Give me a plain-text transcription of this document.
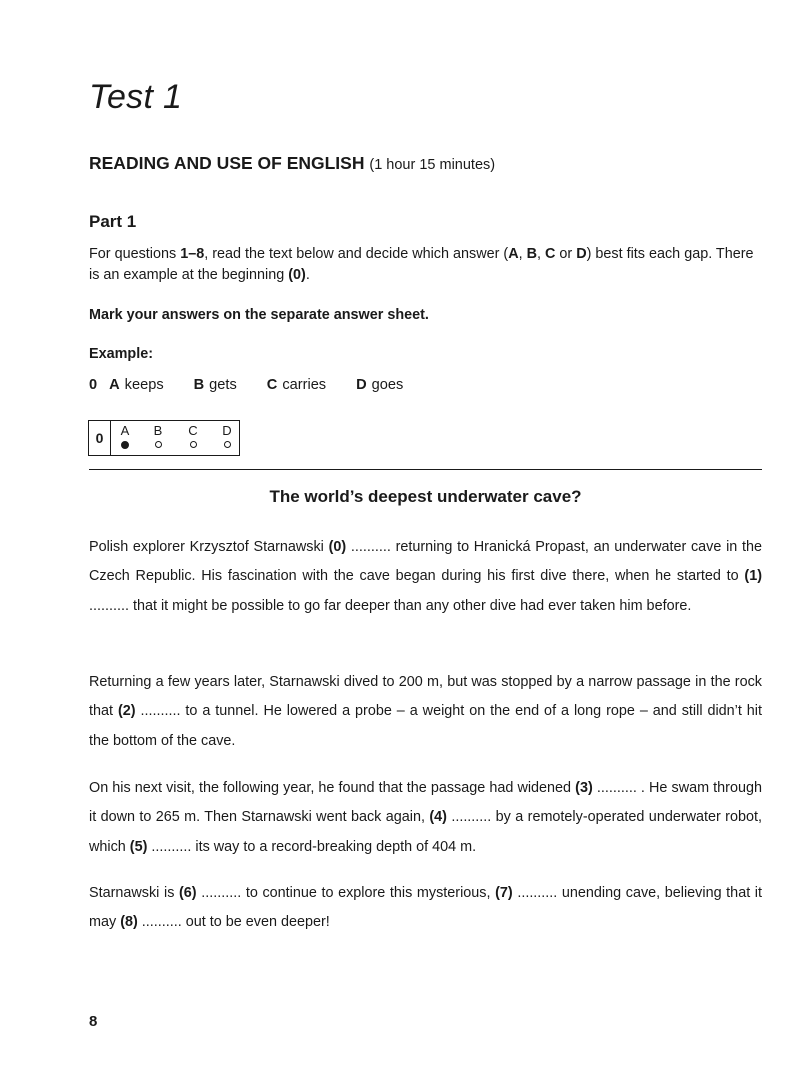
Test 1
READING AND USE OF ENGLISH (1 hour 15 minutes)
Part 1

For questions 1–8, read the text below and decide which answer (A, B, C or D) best fits each gap. There is an example at the beginning (0).

Mark your answers on the separate answer sheet.

Example:

0 A keeps B gets C carries D goes
0	A	B	C	D
The world’s deepest underwater cave?

Polish explorer Krzysztof Starnawski (0) .......... returning to Hranická Propast, an underwater cave in the Czech Republic. His fascination with the cave began during his first dive there, when he started to (1) .......... that it might be possible to go far deeper than any other dive had ever taken him before.

Returning a few years later, Starnawski dived to 200 m, but was stopped by a narrow passage in the rock that (2) .......... to a tunnel. He lowered a probe – a weight on the end of a long rope – and still didn’t hit the bottom of the cave.

On his next visit, the following year, he found that the passage had widened (3) .......... . He swam through it down to 265 m. Then Starnawski went back again, (4) .......... by a remotely-operated underwater robot, which (5) .......... its way to a record-breaking depth of 404 m.

Starnawski is (6) .......... to continue to explore this mysterious, (7) .......... unending cave, believing that it may (8) .......... out to be even deeper!

8
